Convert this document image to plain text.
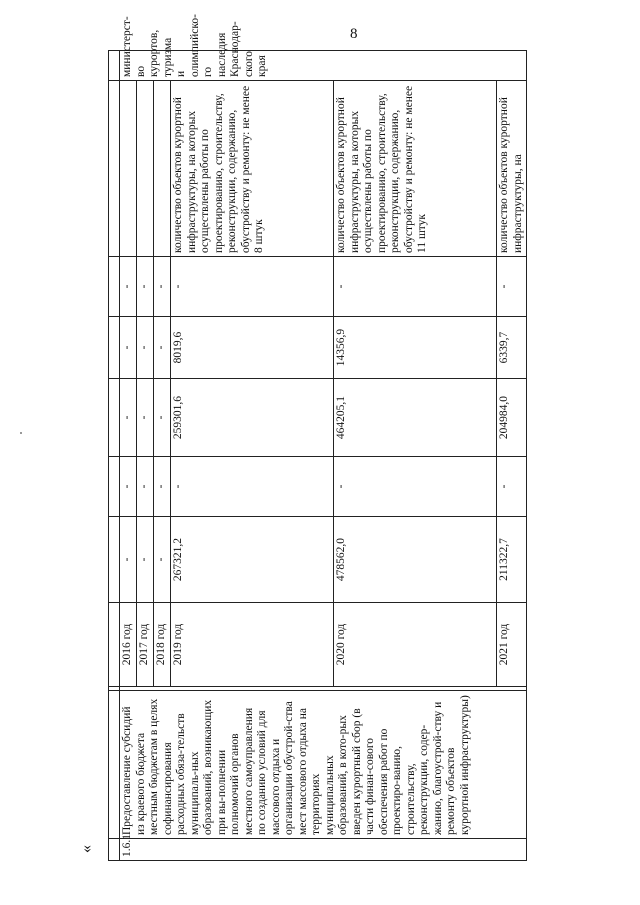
8
«
										1.6.1	Предоставление субсидий из краевого бюджета местным бюджетам в целях софинансирования расходных обяза-тельств муниципаль-ных образований, возникающих при вы-полнении полномочий органов местного самоуправления по созданию условий для массового отдыха и организации обустрой-ства мест массового отдыха на территориях муниципальных образований, в кото-рых введен курортный сбор (в части финан-сового обеспечения работ по проектиро-ванию, строительству, реконструкции, содер-жанию, благоустрой-ству и ремонту объектов курортной инфраструктуры)		2016 год	-	-	-	-	-		министерст-во курортов, туризма и олимпийско-го наследия Краснодар-ского края
			2017 год	-	-	-	-	-		
			2018 год	-	-	-	-	-		
			2019 год	267321,2	-	259301,6	8019,6	-	количество объектов курортной инфраструктуры, на которых осуществлены работы по проектированию, строительству, реконструкции, содержанию, обустройству и ремонту: не менее 8 штук	
			2020 год	478562,0	-	464205,1	14356,9	-	количество объектов курортной инфраструктуры, на которых осуществлены работы по проектированию, строительству, реконструкции, содержанию, обустройству и ремонту: не менее 11 штук	
			2021 год	211322,7	-	204984,0	6339,7	-	количество объектов курортной инфраструктуры, на	
